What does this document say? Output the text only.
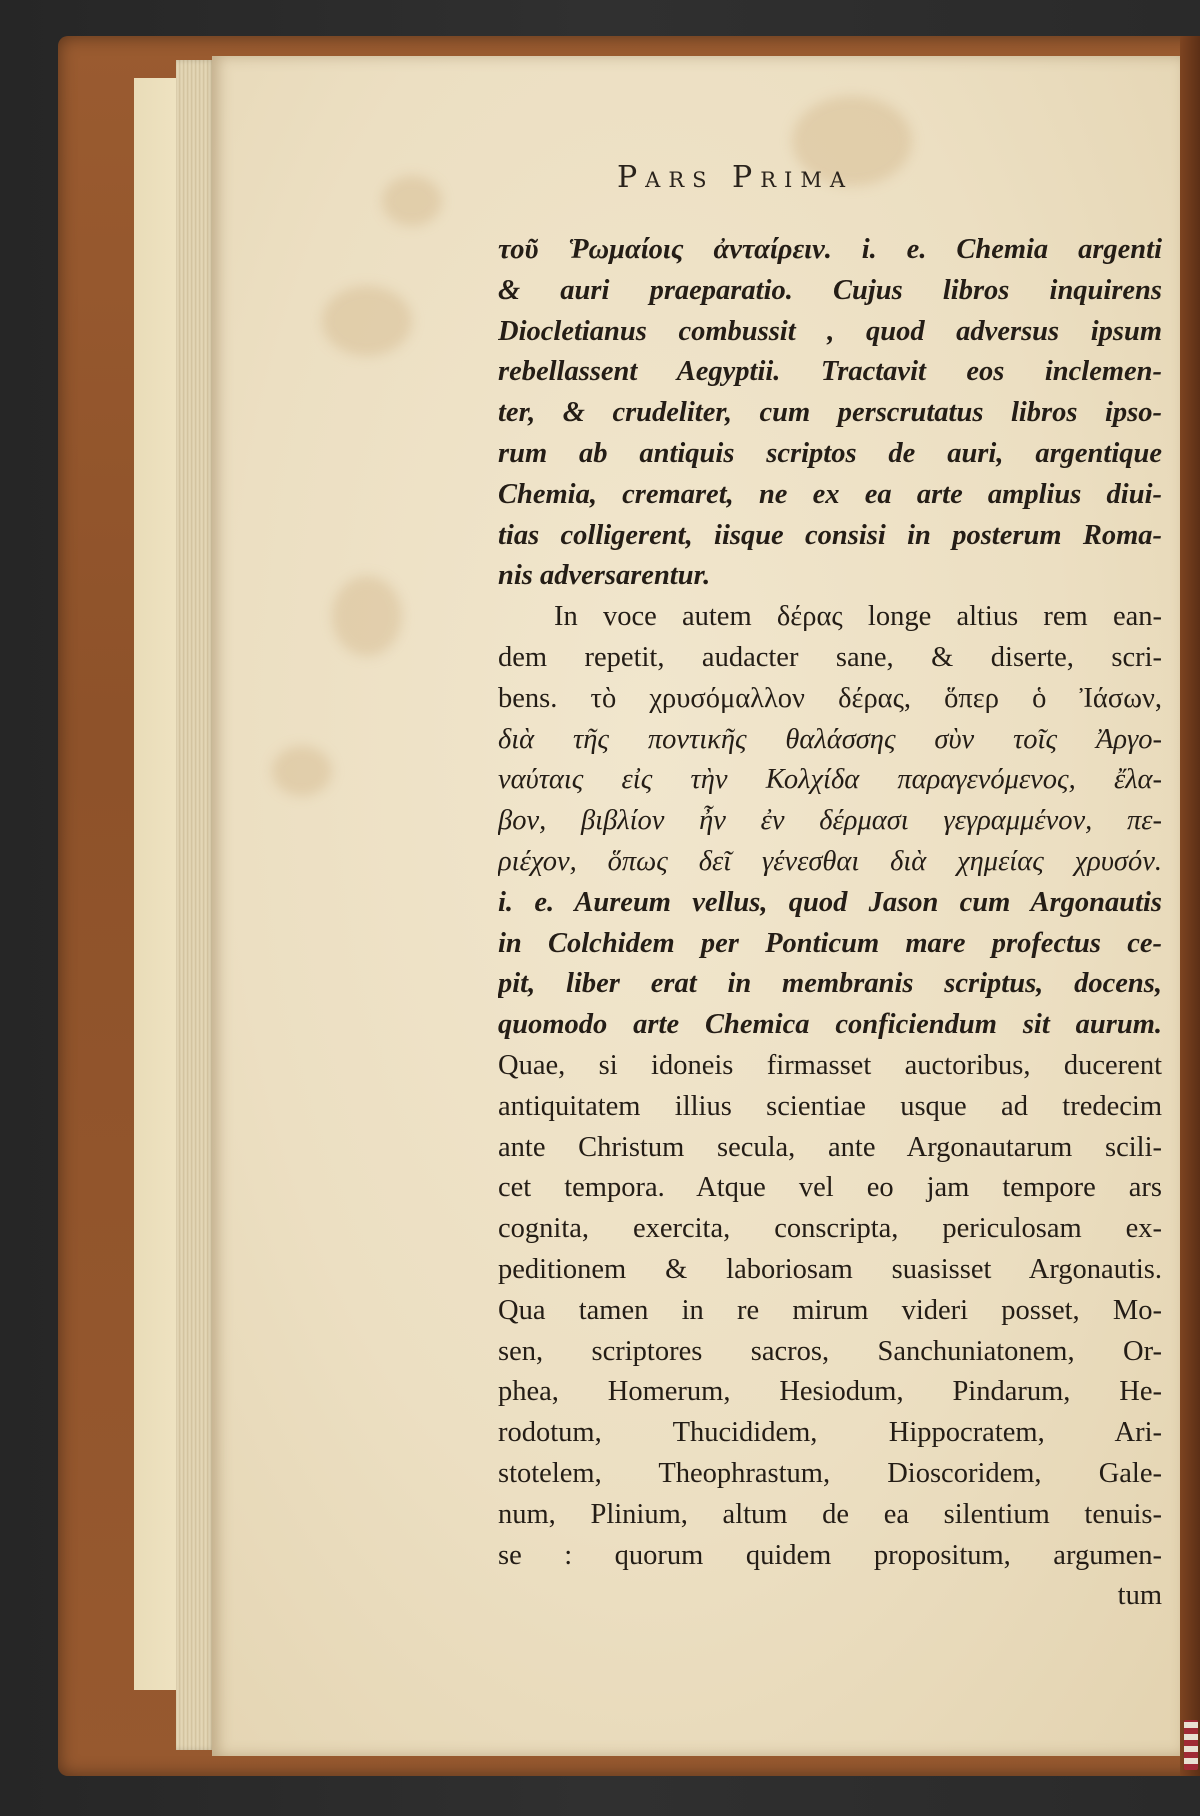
Pars Prima
τοῦ Ῥωμαίοις ἀνταίρειν. i. e. Chemia argenti
& auri praeparatio. Cujus libros inquirens
Diocletianus combussit , quod adversus ipsum
rebellassent Aegyptii. Tractavit eos inclemen-
ter, & crudeliter, cum perscrutatus libros ipso-
rum ab antiquis scriptos de auri, argentique
Chemia, cremaret, ne ex ea arte amplius diui-
tias colligerent, iisque consisi in posterum Roma-
nis adversarentur.
In voce autem δέρας longe altius rem ean-
dem repetit, audacter sane, & diserte, scri-
bens. τὸ χρυσόμαλλον δέρας, ὅπερ ὁ Ἰάσων,
διὰ τῆς ποντικῆς θαλάσσης σὺν τοῖς Ἀργο-
ναύταις εἰς τὴν Κολχίδα παραγενόμενος, ἔλα-
βον, βιβλίον ἦν ἐν δέρμασι γεγραμμένον, πε-
ριέχον, ὅπως δεῖ γένεσθαι διὰ χημείας χρυσόν.
i. e. Aureum vellus, quod Jason cum Argonautis
in Colchidem per Ponticum mare profectus ce-
pit, liber erat in membranis scriptus, docens,
quomodo arte Chemica conficiendum sit aurum.
Quae, si idoneis firmasset auctoribus, ducerent
antiquitatem illius scientiae usque ad tredecim
ante Christum secula, ante Argonautarum scili-
cet tempora. Atque vel eo jam tempore ars
cognita, exercita, conscripta, periculosam ex-
peditionem & laboriosam suasisset Argonautis.
Qua tamen in re mirum videri posset, Mo-
sen, scriptores sacros, Sanchuniatonem, Or-
phea, Homerum, Hesiodum, Pindarum, He-
rodotum, Thucididem, Hippocratem, Ari-
stotelem, Theophrastum, Dioscoridem, Gale-
num, Plinium, altum de ea silentium tenuis-
se : quorum quidem propositum, argumen-
tum
